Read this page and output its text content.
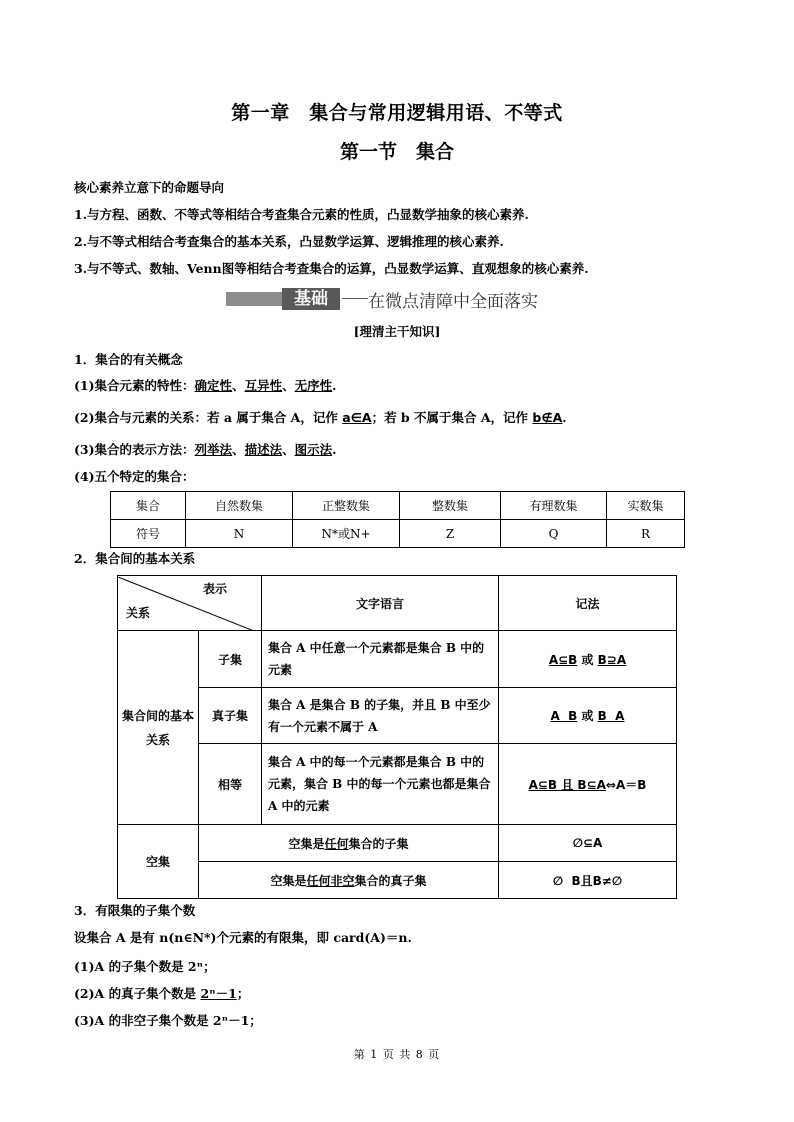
第一章　集合与常用逻辑用语、不等式
第一节　集合
核心素养立意下的命题导向
1.与方程、函数、不等式等相结合考查集合元素的性质，凸显数学抽象的核心素养.
2.与不等式相结合考查集合的基本关系，凸显数学运算、逻辑推理的核心素养.
3.与不等式、数轴、Venn图等相结合考查集合的运算，凸显数学运算、直观想象的核心素养.
基础	在微点清障中全面落实
[理清主干知识]
1．集合的有关概念
(1)集合元素的特性：确定性、互异性、无序性.
(2)集合与元素的关系：若 a 属于集合 A，记作 a∈A；若 b 不属于集合 A，记作 b∉A.
(3)集合的表示方法：列举法、描述法、图示法.
(4)五个特定的集合：
集合	自然数集	正整数集	整数集	有理数集	实数集
符号	N	N*或N+	Z	Q	R
2．集合间的基本关系
表示
关系		文字语言	记法
集合间的基本关系	子集	集合 A 中任意一个元素都是集合 B 中的元素	A⊆B 或 B⊇A
	真子集	集合 A 是集合 B 的子集，并且 B 中至少有一个元素不属于 A	A  B 或 B  A
	相等	集合 A 中的每一个元素都是集合 B 中的元素，集合 B 中的每一个元素也都是集合 A 中的元素	A⊆B 且 B⊆A⇔A＝B
空集	空集是任何集合的子集		∅⊆A
	空集是任何非空集合的真子集		∅  B且B≠∅
3．有限集的子集个数
设集合 A 是有 n(n∈N*)个元素的有限集，即 card(A)＝n.
(1)A 的子集个数是 2ⁿ；
(2)A 的真子集个数是 2ⁿ－1；
(3)A 的非空子集个数是 2ⁿ－1；
第 1 页 共 8 页
